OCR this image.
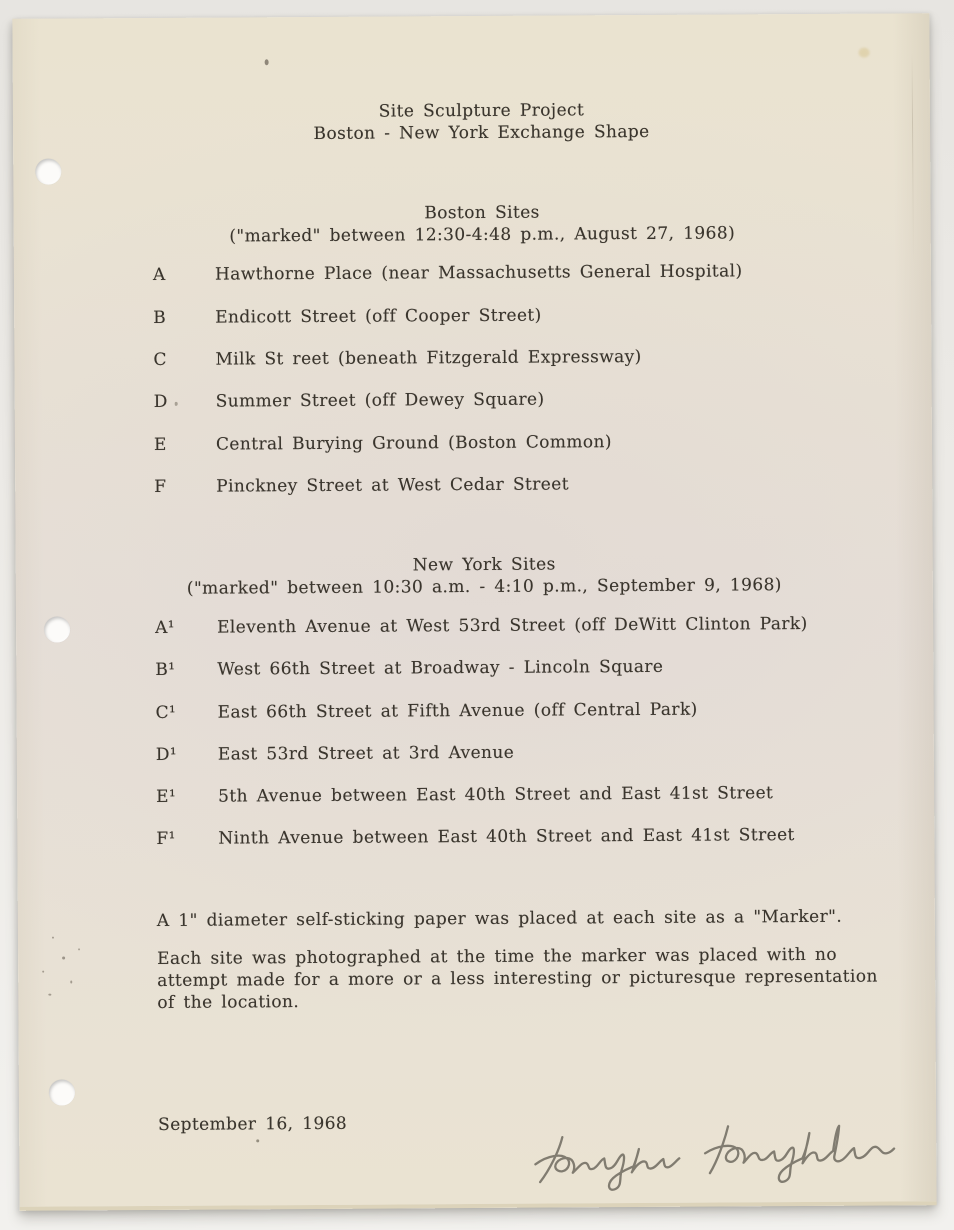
Site Sculpture Project
Boston - New York Exchange Shape
Boston Sites
("marked" between 12:30-4:48 p.m., August 27, 1968)
A	Hawthorne Place (near Massachusetts General Hospital)
B	Endicott Street (off Cooper Street)
C	Milk St reet (beneath Fitzgerald Expressway)
D	Summer Street (off Dewey Square)
E	Central Burying Ground (Boston Common)
F	Pinckney Street at West Cedar Street
New York Sites
("marked" between 10:30 a.m. - 4:10 p.m., September 9, 1968)
A¹ Eleventh Avenue at West 53rd Street (off DeWitt Clinton Park)
B¹ West 66th Street at Broadway - Lincoln Square
C¹ East 66th Street at Fifth Avenue (off Central Park)
D¹ East 53rd Street at 3rd Avenue
E¹ 5th Avenue between East 40th Street and East 41st Street
F¹ Ninth Avenue between East 40th Street and East 41st Street
A 1" diameter self-sticking paper was placed at each site as a "Marker".
Each site was photographed at the time the marker was placed with no
attempt made for a more or a less interesting or picturesque representation
of the location.
September 16, 1968
